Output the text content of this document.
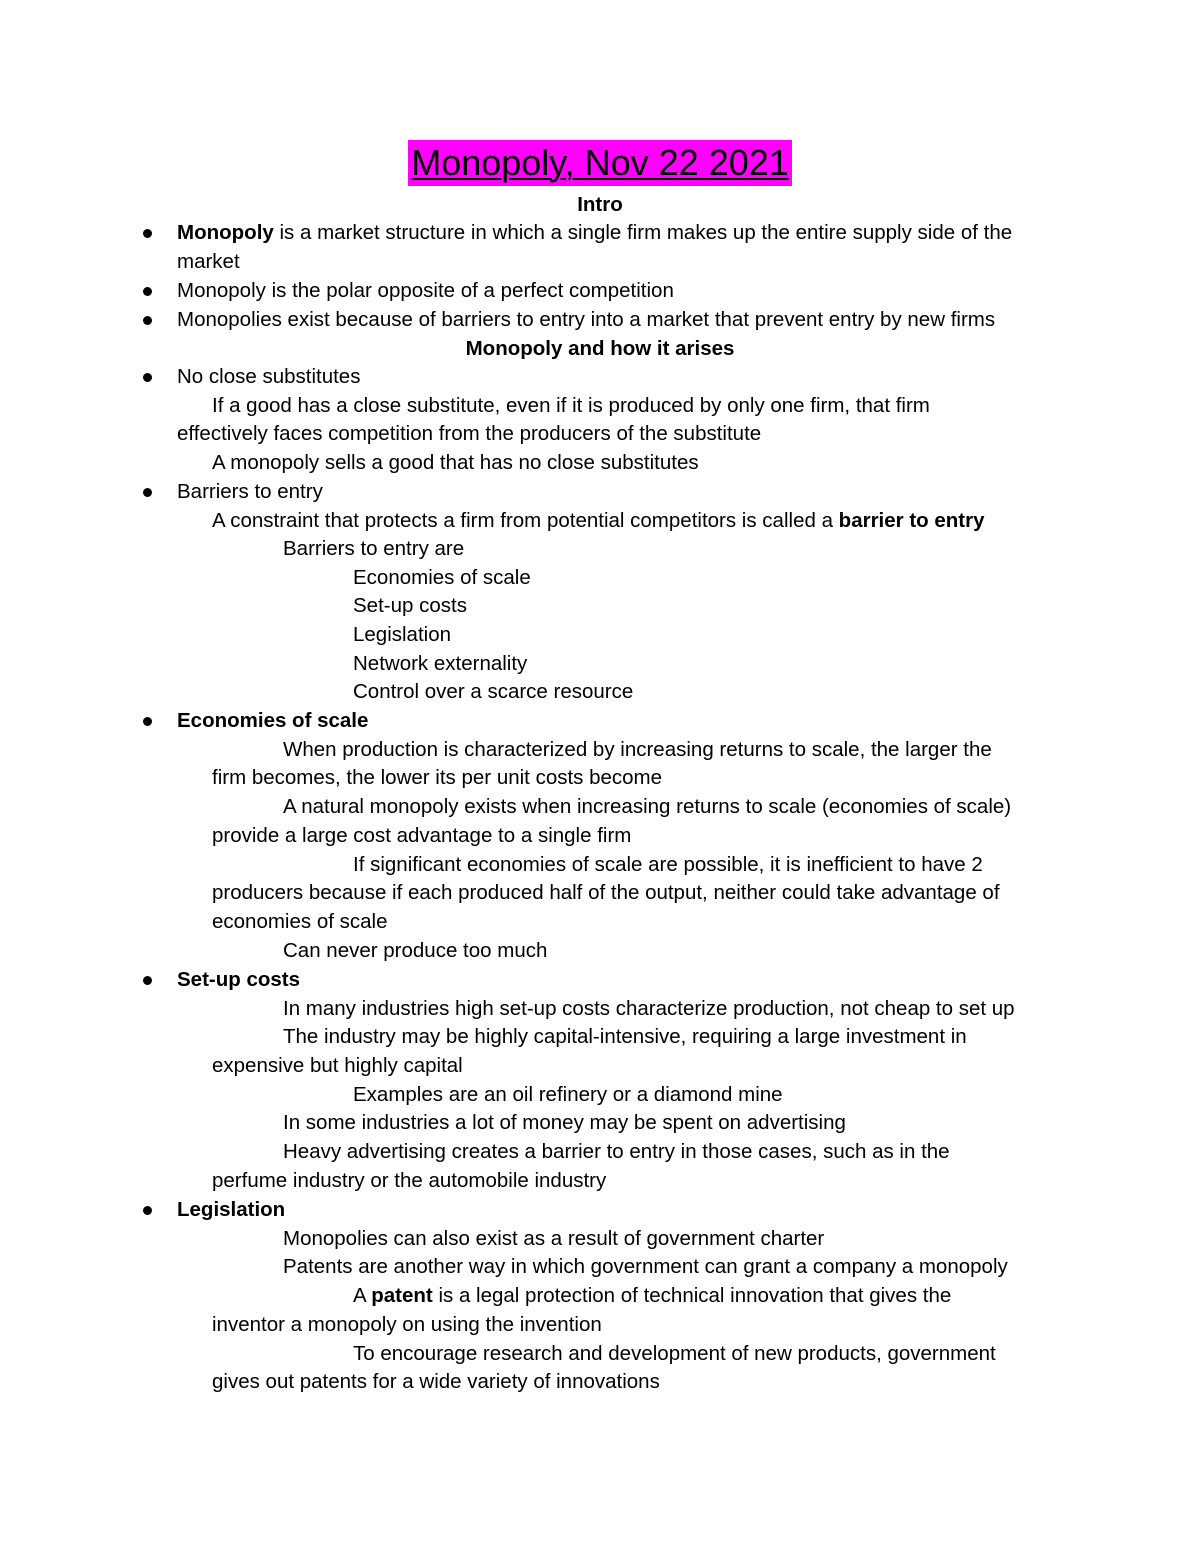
Monopoly, Nov 22 2021
Intro
Monopoly is a market structure in which a single firm makes up the entire supply side of the
market
Monopoly is the polar opposite of a perfect competition
Monopolies exist because of barriers to entry into a market that prevent entry by new firms
Monopoly and how it arises
No close substitutes
If a good has a close substitute, even if it is produced by only one firm, that firm
effectively faces competition from the producers of the substitute
A monopoly sells a good that has no close substitutes
Barriers to entry
A constraint that protects a firm from potential competitors is called a barrier to entry
Barriers to entry are
Economies of scale
Set-up costs
Legislation
Network externality
Control over a scarce resource
Economies of scale
When production is characterized by increasing returns to scale, the larger the
firm becomes, the lower its per unit costs become
A natural monopoly exists when increasing returns to scale (economies of scale)
provide a large cost advantage to a single firm
If significant economies of scale are possible, it is inefficient to have 2
producers because if each produced half of the output, neither could take advantage of
economies of scale
Can never produce too much
Set-up costs
In many industries high set-up costs characterize production, not cheap to set up
The industry may be highly capital-intensive, requiring a large investment in
expensive but highly capital
Examples are an oil refinery or a diamond mine
In some industries a lot of money may be spent on advertising
Heavy advertising creates a barrier to entry in those cases, such as in the
perfume industry or the automobile industry
Legislation
Monopolies can also exist as a result of government charter
Patents are another way in which government can grant a company a monopoly
A patent is a legal protection of technical innovation that gives the
inventor a monopoly on using the invention
To encourage research and development of new products, government
gives out patents for a wide variety of innovations
